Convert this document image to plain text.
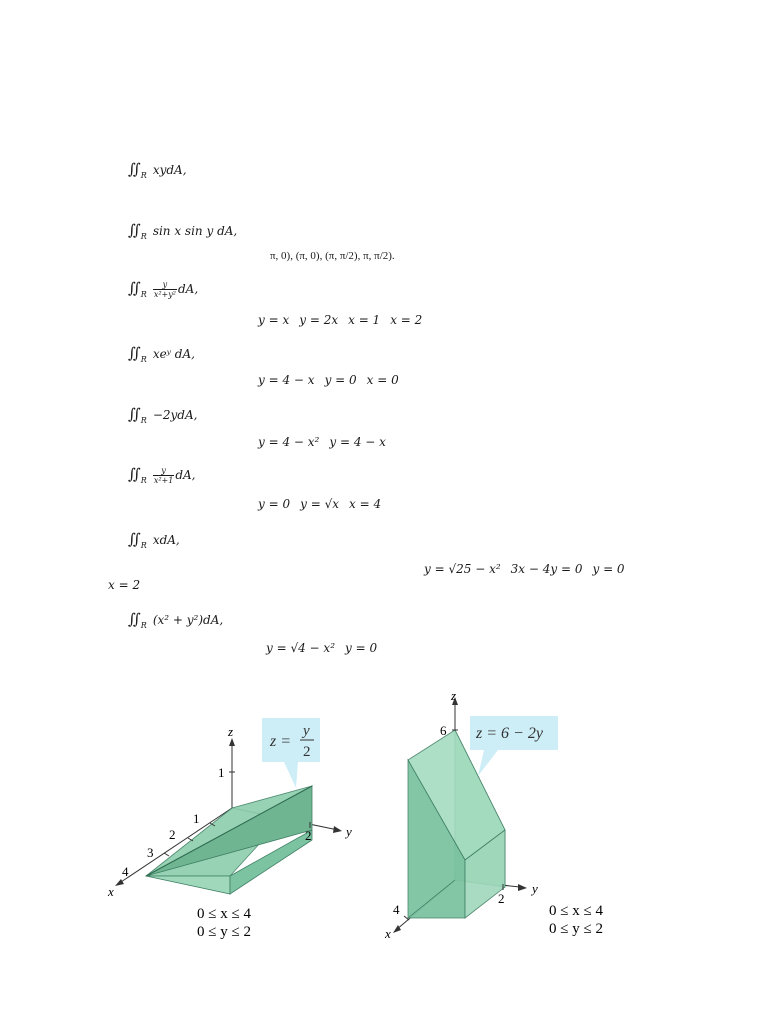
∬ $_R$ xydA,
∬ $_R$ sin x sin y dA,
π, 0), (π, 0), (π, π/2), π, π/2).
∬ $_R \frac{y}{\text{x²+y²}}$ dA,
y = x y = 2x x = 1 x = 2
∬ $_R$ xeʸ dA,
y = 4 − x y = 0 x = 0
∬ $_R$ −2ydA,
y = 4 − x² y = 4 − x
∬ $_R \frac{y}{\text{x²+1}}$ dA,
y = 0 y = √x x = 4
∬ $_R$ xdA,
y = √25 − x² 3x − 4y = 0 y = 0
x = 2
∬ $_R$ (x² + y²)dA,
y = √4 − x² y = 0
z
y
x
1
1
2
3
4
2
z =
y
2
0 ≤ x ≤ 4
0 ≤ y ≤ 2
z
y
x
6
2
4
z = 6 − 2y
0 ≤ x ≤ 4
0 ≤ y ≤ 2
